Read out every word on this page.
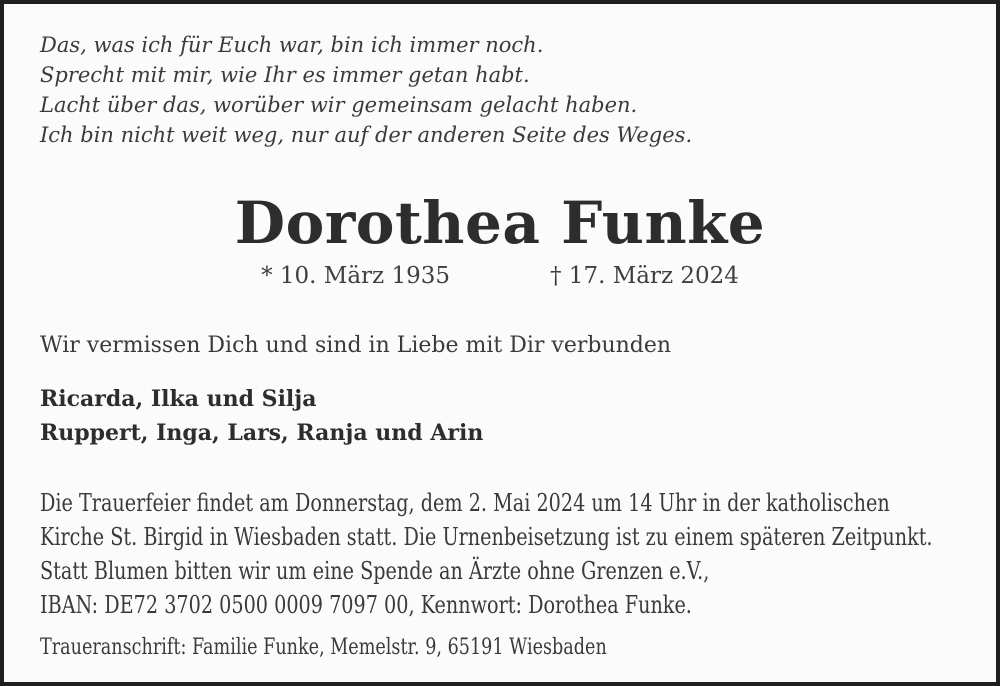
Das, was ich für Euch war, bin ich immer noch.
Sprecht mit mir, wie Ihr es immer getan habt.
Lacht über das, worüber wir gemeinsam gelacht haben.
Ich bin nicht weit weg, nur auf der anderen Seite des Weges.
Dorothea Funke
* 10. März 1935	† 17. März 2024
Wir vermissen Dich und sind in Liebe mit Dir verbunden
Ricarda, Ilka und Silja
Ruppert, Inga, Lars, Ranja und Arin
Die Trauerfeier findet am Donnerstag, dem 2. Mai 2024 um 14 Uhr in der katholischen
Kirche St. Birgid in Wiesbaden statt. Die Urnenbeisetzung ist zu einem späteren Zeitpunkt.
Statt Blumen bitten wir um eine Spende an Ärzte ohne Grenzen e.V.,
IBAN: DE72 3702 0500 0009 7097 00, Kennwort: Dorothea Funke.
Traueranschrift: Familie Funke, Memelstr. 9, 65191 Wiesbaden
